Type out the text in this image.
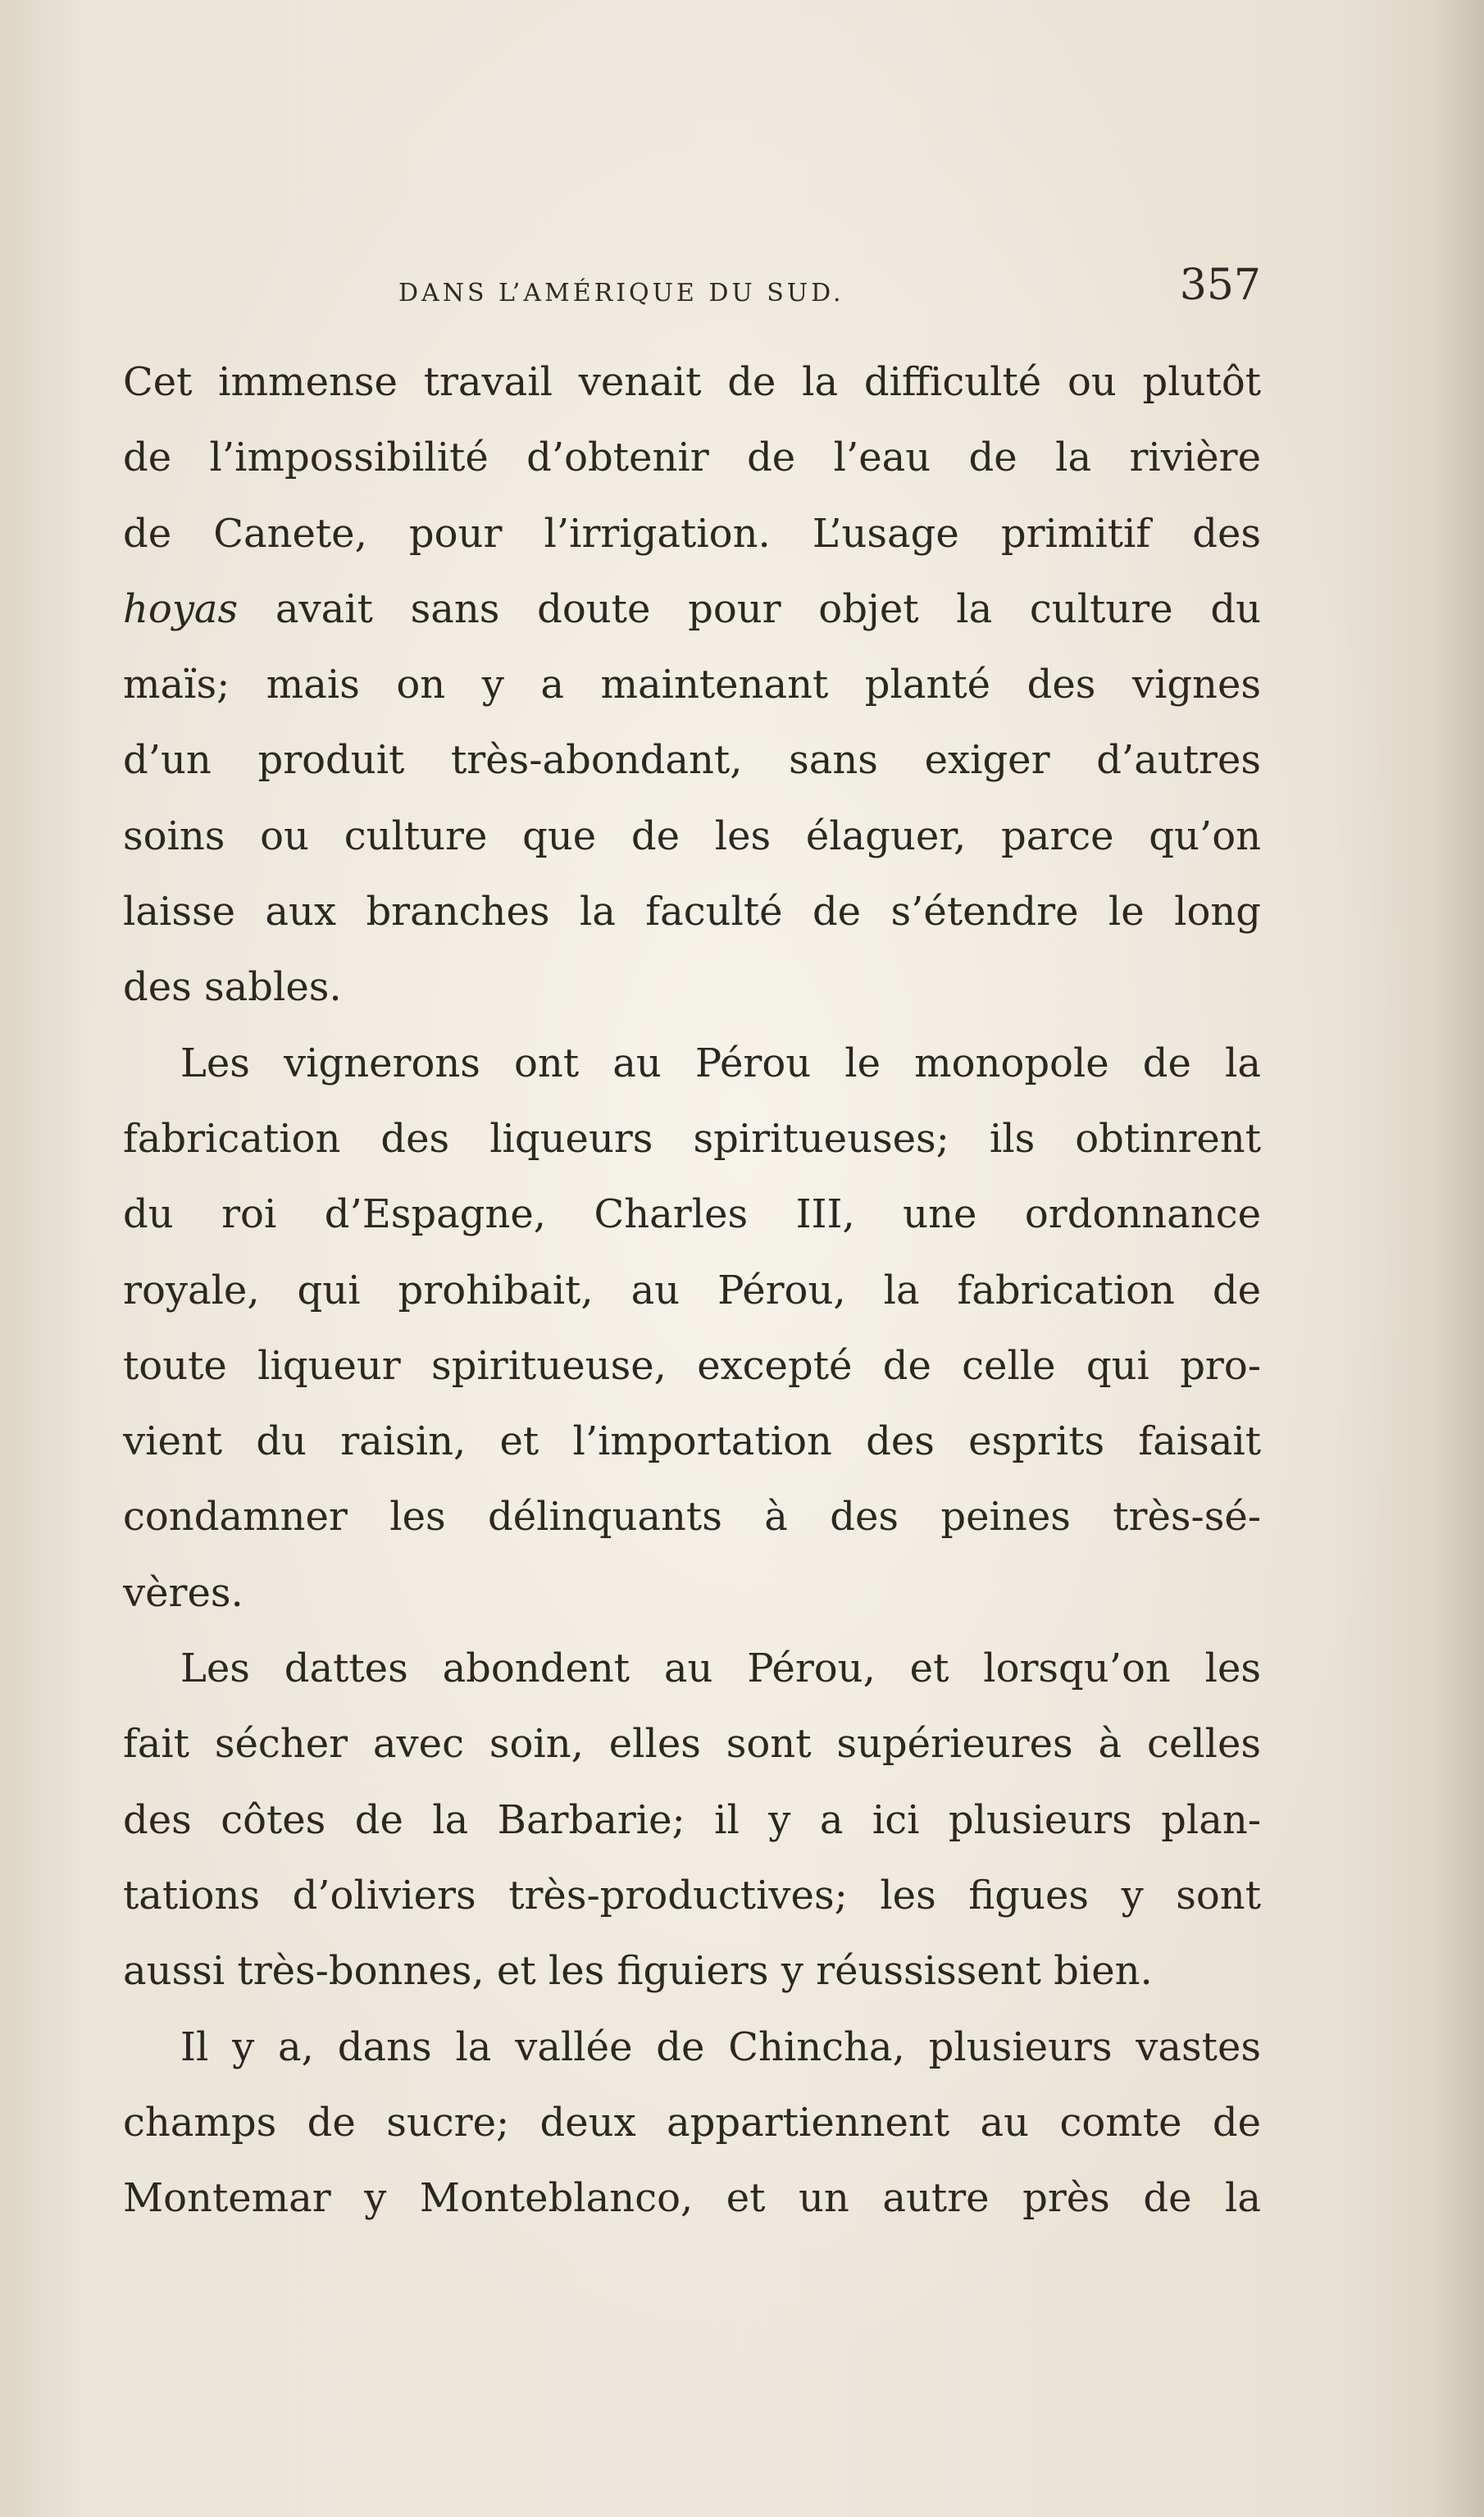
DANS L’AMÉRIQUE DU SUD.	357
Cet immense travail venait de la difficulté ou plutôt
de l’impossibilité d’obtenir de l’eau de la rivière
de Canete, pour l’irrigation. L’usage primitif des
hoyas avait sans doute pour objet la culture du
maïs; mais on y a maintenant planté des vignes
d’un produit très-abondant, sans exiger d’autres
soins ou culture que de les élaguer, parce qu’on
laisse aux branches la faculté de s’étendre le long
des sables.
Les vignerons ont au Pérou le monopole de la
fabrication des liqueurs spiritueuses; ils obtinrent
du roi d’Espagne, Charles III, une ordonnance
royale, qui prohibait, au Pérou, la fabrication de
toute liqueur spiritueuse, excepté de celle qui pro-
vient du raisin, et l’importation des esprits faisait
condamner les délinquants à des peines très-sé-
vères.
Les dattes abondent au Pérou, et lorsqu’on les
fait sécher avec soin, elles sont supérieures à celles
des côtes de la Barbarie; il y a ici plusieurs plan-
tations d’oliviers très-productives; les figues y sont
aussi très-bonnes, et les figuiers y réussissent bien.
Il y a, dans la vallée de Chincha, plusieurs vastes
champs de sucre; deux appartiennent au comte de
Montemar y Monteblanco, et un autre près de la
